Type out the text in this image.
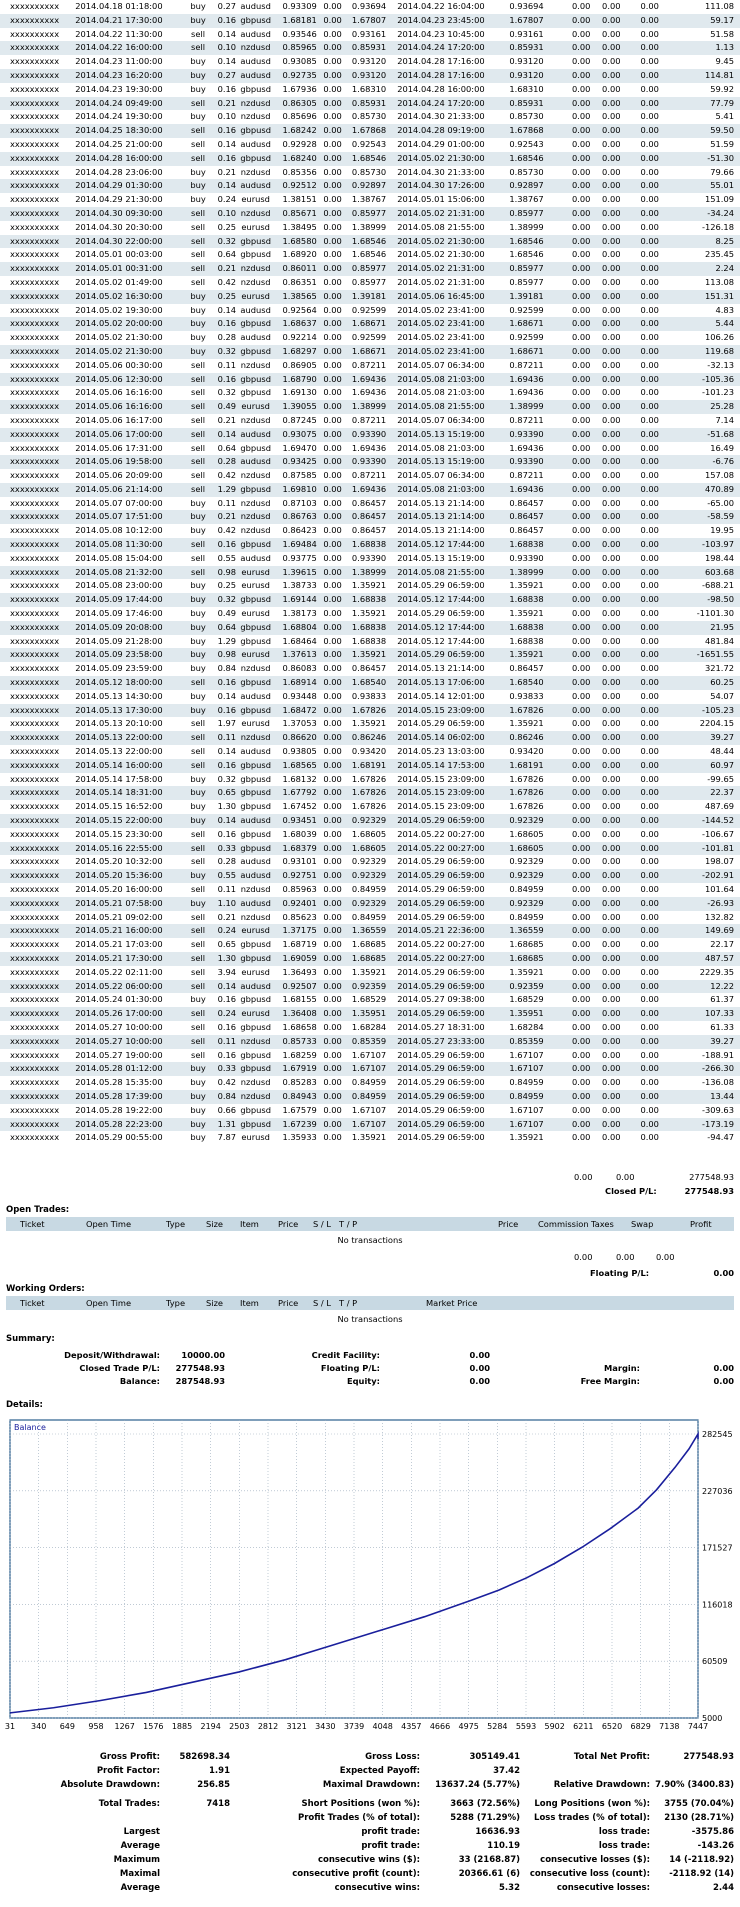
xxxxxxxxxx	2014.04.18 01:18:00	buy	0.27	audusd	0.93309	0.00	0.93694	2014.04.22 16:04:00	0.93694	0.00	0.00	0.00	111.08
xxxxxxxxxx	2014.04.21 17:30:00	buy	0.16	gbpusd	1.68181	0.00	1.67807	2014.04.23 23:45:00	1.67807	0.00	0.00	0.00	59.17
xxxxxxxxxx	2014.04.22 11:30:00	sell	0.14	audusd	0.93546	0.00	0.93161	2014.04.23 10:45:00	0.93161	0.00	0.00	0.00	51.58
xxxxxxxxxx	2014.04.22 16:00:00	sell	0.10	nzdusd	0.85965	0.00	0.85931	2014.04.24 17:20:00	0.85931	0.00	0.00	0.00	1.13
xxxxxxxxxx	2014.04.23 11:00:00	buy	0.14	audusd	0.93085	0.00	0.93120	2014.04.28 17:16:00	0.93120	0.00	0.00	0.00	9.45
xxxxxxxxxx	2014.04.23 16:20:00	buy	0.27	audusd	0.92735	0.00	0.93120	2014.04.28 17:16:00	0.93120	0.00	0.00	0.00	114.81
xxxxxxxxxx	2014.04.23 19:30:00	buy	0.16	gbpusd	1.67936	0.00	1.68310	2014.04.28 16:00:00	1.68310	0.00	0.00	0.00	59.92
xxxxxxxxxx	2014.04.24 09:49:00	sell	0.21	nzdusd	0.86305	0.00	0.85931	2014.04.24 17:20:00	0.85931	0.00	0.00	0.00	77.79
xxxxxxxxxx	2014.04.24 19:30:00	buy	0.10	nzdusd	0.85696	0.00	0.85730	2014.04.30 21:33:00	0.85730	0.00	0.00	0.00	5.41
xxxxxxxxxx	2014.04.25 18:30:00	sell	0.16	gbpusd	1.68242	0.00	1.67868	2014.04.28 09:19:00	1.67868	0.00	0.00	0.00	59.50
xxxxxxxxxx	2014.04.25 21:00:00	sell	0.14	audusd	0.92928	0.00	0.92543	2014.04.29 01:00:00	0.92543	0.00	0.00	0.00	51.59
xxxxxxxxxx	2014.04.28 16:00:00	sell	0.16	gbpusd	1.68240	0.00	1.68546	2014.05.02 21:30:00	1.68546	0.00	0.00	0.00	-51.30
xxxxxxxxxx	2014.04.28 23:06:00	buy	0.21	nzdusd	0.85356	0.00	0.85730	2014.04.30 21:33:00	0.85730	0.00	0.00	0.00	79.66
xxxxxxxxxx	2014.04.29 01:30:00	buy	0.14	audusd	0.92512	0.00	0.92897	2014.04.30 17:26:00	0.92897	0.00	0.00	0.00	55.01
xxxxxxxxxx	2014.04.29 21:30:00	buy	0.24	eurusd	1.38151	0.00	1.38767	2014.05.01 15:06:00	1.38767	0.00	0.00	0.00	151.09
xxxxxxxxxx	2014.04.30 09:30:00	sell	0.10	nzdusd	0.85671	0.00	0.85977	2014.05.02 21:31:00	0.85977	0.00	0.00	0.00	-34.24
xxxxxxxxxx	2014.04.30 20:30:00	sell	0.25	eurusd	1.38495	0.00	1.38999	2014.05.08 21:55:00	1.38999	0.00	0.00	0.00	-126.18
xxxxxxxxxx	2014.04.30 22:00:00	sell	0.32	gbpusd	1.68580	0.00	1.68546	2014.05.02 21:30:00	1.68546	0.00	0.00	0.00	8.25
xxxxxxxxxx	2014.05.01 00:03:00	sell	0.64	gbpusd	1.68920	0.00	1.68546	2014.05.02 21:30:00	1.68546	0.00	0.00	0.00	235.45
xxxxxxxxxx	2014.05.01 00:31:00	sell	0.21	nzdusd	0.86011	0.00	0.85977	2014.05.02 21:31:00	0.85977	0.00	0.00	0.00	2.24
xxxxxxxxxx	2014.05.02 01:49:00	sell	0.42	nzdusd	0.86351	0.00	0.85977	2014.05.02 21:31:00	0.85977	0.00	0.00	0.00	113.08
xxxxxxxxxx	2014.05.02 16:30:00	buy	0.25	eurusd	1.38565	0.00	1.39181	2014.05.06 16:45:00	1.39181	0.00	0.00	0.00	151.31
xxxxxxxxxx	2014.05.02 19:30:00	buy	0.14	audusd	0.92564	0.00	0.92599	2014.05.02 23:41:00	0.92599	0.00	0.00	0.00	4.83
xxxxxxxxxx	2014.05.02 20:00:00	buy	0.16	gbpusd	1.68637	0.00	1.68671	2014.05.02 23:41:00	1.68671	0.00	0.00	0.00	5.44
xxxxxxxxxx	2014.05.02 21:30:00	buy	0.28	audusd	0.92214	0.00	0.92599	2014.05.02 23:41:00	0.92599	0.00	0.00	0.00	106.26
xxxxxxxxxx	2014.05.02 21:30:00	buy	0.32	gbpusd	1.68297	0.00	1.68671	2014.05.02 23:41:00	1.68671	0.00	0.00	0.00	119.68
xxxxxxxxxx	2014.05.06 00:30:00	sell	0.11	nzdusd	0.86905	0.00	0.87211	2014.05.07 06:34:00	0.87211	0.00	0.00	0.00	-32.13
xxxxxxxxxx	2014.05.06 12:30:00	sell	0.16	gbpusd	1.68790	0.00	1.69436	2014.05.08 21:03:00	1.69436	0.00	0.00	0.00	-105.36
xxxxxxxxxx	2014.05.06 16:16:00	sell	0.32	gbpusd	1.69130	0.00	1.69436	2014.05.08 21:03:00	1.69436	0.00	0.00	0.00	-101.23
xxxxxxxxxx	2014.05.06 16:16:00	sell	0.49	eurusd	1.39055	0.00	1.38999	2014.05.08 21:55:00	1.38999	0.00	0.00	0.00	25.28
xxxxxxxxxx	2014.05.06 16:17:00	sell	0.21	nzdusd	0.87245	0.00	0.87211	2014.05.07 06:34:00	0.87211	0.00	0.00	0.00	7.14
xxxxxxxxxx	2014.05.06 17:00:00	sell	0.14	audusd	0.93075	0.00	0.93390	2014.05.13 15:19:00	0.93390	0.00	0.00	0.00	-51.68
xxxxxxxxxx	2014.05.06 17:31:00	sell	0.64	gbpusd	1.69470	0.00	1.69436	2014.05.08 21:03:00	1.69436	0.00	0.00	0.00	16.49
xxxxxxxxxx	2014.05.06 19:58:00	sell	0.28	audusd	0.93425	0.00	0.93390	2014.05.13 15:19:00	0.93390	0.00	0.00	0.00	-6.76
xxxxxxxxxx	2014.05.06 20:09:00	sell	0.42	nzdusd	0.87585	0.00	0.87211	2014.05.07 06:34:00	0.87211	0.00	0.00	0.00	157.08
xxxxxxxxxx	2014.05.06 21:14:00	sell	1.29	gbpusd	1.69810	0.00	1.69436	2014.05.08 21:03:00	1.69436	0.00	0.00	0.00	470.89
xxxxxxxxxx	2014.05.07 07:00:00	buy	0.11	nzdusd	0.87103	0.00	0.86457	2014.05.13 21:14:00	0.86457	0.00	0.00	0.00	-65.00
xxxxxxxxxx	2014.05.07 17:51:00	buy	0.21	nzdusd	0.86763	0.00	0.86457	2014.05.13 21:14:00	0.86457	0.00	0.00	0.00	-58.59
xxxxxxxxxx	2014.05.08 10:12:00	buy	0.42	nzdusd	0.86423	0.00	0.86457	2014.05.13 21:14:00	0.86457	0.00	0.00	0.00	19.95
xxxxxxxxxx	2014.05.08 11:30:00	sell	0.16	gbpusd	1.69484	0.00	1.68838	2014.05.12 17:44:00	1.68838	0.00	0.00	0.00	-103.97
xxxxxxxxxx	2014.05.08 15:04:00	sell	0.55	audusd	0.93775	0.00	0.93390	2014.05.13 15:19:00	0.93390	0.00	0.00	0.00	198.44
xxxxxxxxxx	2014.05.08 21:32:00	sell	0.98	eurusd	1.39615	0.00	1.38999	2014.05.08 21:55:00	1.38999	0.00	0.00	0.00	603.68
xxxxxxxxxx	2014.05.08 23:00:00	buy	0.25	eurusd	1.38733	0.00	1.35921	2014.05.29 06:59:00	1.35921	0.00	0.00	0.00	-688.21
xxxxxxxxxx	2014.05.09 17:44:00	buy	0.32	gbpusd	1.69144	0.00	1.68838	2014.05.12 17:44:00	1.68838	0.00	0.00	0.00	-98.50
xxxxxxxxxx	2014.05.09 17:46:00	buy	0.49	eurusd	1.38173	0.00	1.35921	2014.05.29 06:59:00	1.35921	0.00	0.00	0.00	-1101.30
xxxxxxxxxx	2014.05.09 20:08:00	buy	0.64	gbpusd	1.68804	0.00	1.68838	2014.05.12 17:44:00	1.68838	0.00	0.00	0.00	21.95
xxxxxxxxxx	2014.05.09 21:28:00	buy	1.29	gbpusd	1.68464	0.00	1.68838	2014.05.12 17:44:00	1.68838	0.00	0.00	0.00	481.84
xxxxxxxxxx	2014.05.09 23:58:00	buy	0.98	eurusd	1.37613	0.00	1.35921	2014.05.29 06:59:00	1.35921	0.00	0.00	0.00	-1651.55
xxxxxxxxxx	2014.05.09 23:59:00	buy	0.84	nzdusd	0.86083	0.00	0.86457	2014.05.13 21:14:00	0.86457	0.00	0.00	0.00	321.72
xxxxxxxxxx	2014.05.12 18:00:00	sell	0.16	gbpusd	1.68914	0.00	1.68540	2014.05.13 17:06:00	1.68540	0.00	0.00	0.00	60.25
xxxxxxxxxx	2014.05.13 14:30:00	buy	0.14	audusd	0.93448	0.00	0.93833	2014.05.14 12:01:00	0.93833	0.00	0.00	0.00	54.07
xxxxxxxxxx	2014.05.13 17:30:00	buy	0.16	gbpusd	1.68472	0.00	1.67826	2014.05.15 23:09:00	1.67826	0.00	0.00	0.00	-105.23
xxxxxxxxxx	2014.05.13 20:10:00	sell	1.97	eurusd	1.37053	0.00	1.35921	2014.05.29 06:59:00	1.35921	0.00	0.00	0.00	2204.15
xxxxxxxxxx	2014.05.13 22:00:00	sell	0.11	nzdusd	0.86620	0.00	0.86246	2014.05.14 06:02:00	0.86246	0.00	0.00	0.00	39.27
xxxxxxxxxx	2014.05.13 22:00:00	sell	0.14	audusd	0.93805	0.00	0.93420	2014.05.23 13:03:00	0.93420	0.00	0.00	0.00	48.44
xxxxxxxxxx	2014.05.14 16:00:00	sell	0.16	gbpusd	1.68565	0.00	1.68191	2014.05.14 17:53:00	1.68191	0.00	0.00	0.00	60.97
xxxxxxxxxx	2014.05.14 17:58:00	buy	0.32	gbpusd	1.68132	0.00	1.67826	2014.05.15 23:09:00	1.67826	0.00	0.00	0.00	-99.65
xxxxxxxxxx	2014.05.14 18:31:00	buy	0.65	gbpusd	1.67792	0.00	1.67826	2014.05.15 23:09:00	1.67826	0.00	0.00	0.00	22.37
xxxxxxxxxx	2014.05.15 16:52:00	buy	1.30	gbpusd	1.67452	0.00	1.67826	2014.05.15 23:09:00	1.67826	0.00	0.00	0.00	487.69
xxxxxxxxxx	2014.05.15 22:00:00	buy	0.14	audusd	0.93451	0.00	0.92329	2014.05.29 06:59:00	0.92329	0.00	0.00	0.00	-144.52
xxxxxxxxxx	2014.05.15 23:30:00	sell	0.16	gbpusd	1.68039	0.00	1.68605	2014.05.22 00:27:00	1.68605	0.00	0.00	0.00	-106.67
xxxxxxxxxx	2014.05.16 22:55:00	sell	0.33	gbpusd	1.68379	0.00	1.68605	2014.05.22 00:27:00	1.68605	0.00	0.00	0.00	-101.81
xxxxxxxxxx	2014.05.20 10:32:00	sell	0.28	audusd	0.93101	0.00	0.92329	2014.05.29 06:59:00	0.92329	0.00	0.00	0.00	198.07
xxxxxxxxxx	2014.05.20 15:36:00	buy	0.55	audusd	0.92751	0.00	0.92329	2014.05.29 06:59:00	0.92329	0.00	0.00	0.00	-202.91
xxxxxxxxxx	2014.05.20 16:00:00	sell	0.11	nzdusd	0.85963	0.00	0.84959	2014.05.29 06:59:00	0.84959	0.00	0.00	0.00	101.64
xxxxxxxxxx	2014.05.21 07:58:00	buy	1.10	audusd	0.92401	0.00	0.92329	2014.05.29 06:59:00	0.92329	0.00	0.00	0.00	-26.93
xxxxxxxxxx	2014.05.21 09:02:00	sell	0.21	nzdusd	0.85623	0.00	0.84959	2014.05.29 06:59:00	0.84959	0.00	0.00	0.00	132.82
xxxxxxxxxx	2014.05.21 16:00:00	sell	0.24	eurusd	1.37175	0.00	1.36559	2014.05.21 22:36:00	1.36559	0.00	0.00	0.00	149.69
xxxxxxxxxx	2014.05.21 17:03:00	sell	0.65	gbpusd	1.68719	0.00	1.68685	2014.05.22 00:27:00	1.68685	0.00	0.00	0.00	22.17
xxxxxxxxxx	2014.05.21 17:30:00	sell	1.30	gbpusd	1.69059	0.00	1.68685	2014.05.22 00:27:00	1.68685	0.00	0.00	0.00	487.57
xxxxxxxxxx	2014.05.22 02:11:00	sell	3.94	eurusd	1.36493	0.00	1.35921	2014.05.29 06:59:00	1.35921	0.00	0.00	0.00	2229.35
xxxxxxxxxx	2014.05.22 06:00:00	sell	0.14	audusd	0.92507	0.00	0.92359	2014.05.29 06:59:00	0.92359	0.00	0.00	0.00	12.22
xxxxxxxxxx	2014.05.24 01:30:00	buy	0.16	gbpusd	1.68155	0.00	1.68529	2014.05.27 09:38:00	1.68529	0.00	0.00	0.00	61.37
xxxxxxxxxx	2014.05.26 17:00:00	sell	0.24	eurusd	1.36408	0.00	1.35951	2014.05.29 06:59:00	1.35951	0.00	0.00	0.00	107.33
xxxxxxxxxx	2014.05.27 10:00:00	sell	0.16	gbpusd	1.68658	0.00	1.68284	2014.05.27 18:31:00	1.68284	0.00	0.00	0.00	61.33
xxxxxxxxxx	2014.05.27 10:00:00	sell	0.11	nzdusd	0.85733	0.00	0.85359	2014.05.27 23:33:00	0.85359	0.00	0.00	0.00	39.27
xxxxxxxxxx	2014.05.27 19:00:00	sell	0.16	gbpusd	1.68259	0.00	1.67107	2014.05.29 06:59:00	1.67107	0.00	0.00	0.00	-188.91
xxxxxxxxxx	2014.05.28 01:12:00	buy	0.33	gbpusd	1.67919	0.00	1.67107	2014.05.29 06:59:00	1.67107	0.00	0.00	0.00	-266.30
xxxxxxxxxx	2014.05.28 15:35:00	buy	0.42	nzdusd	0.85283	0.00	0.84959	2014.05.29 06:59:00	0.84959	0.00	0.00	0.00	-136.08
xxxxxxxxxx	2014.05.28 17:39:00	buy	0.84	nzdusd	0.84943	0.00	0.84959	2014.05.29 06:59:00	0.84959	0.00	0.00	0.00	13.44
xxxxxxxxxx	2014.05.28 19:22:00	buy	0.66	gbpusd	1.67579	0.00	1.67107	2014.05.29 06:59:00	1.67107	0.00	0.00	0.00	-309.63
xxxxxxxxxx	2014.05.28 22:23:00	buy	1.31	gbpusd	1.67239	0.00	1.67107	2014.05.29 06:59:00	1.67107	0.00	0.00	0.00	-173.19
xxxxxxxxxx	2014.05.29 00:55:00	buy	7.87	eurusd	1.35933	0.00	1.35921	2014.05.29 06:59:00	1.35921	0.00	0.00	0.00	-94.47
0.00	0.00	277548.93
Closed P/L:	277548.93
Open Trades:
Ticket	Open Time	Type	Size Item Price S / L T / P	Price Commission Taxes Swap	Profit
No transactions
0.00	0.00	0.00
Floating P/L:	0.00
Working Orders:
Ticket	Open Time	Type	Size Item Price S / L T / P	Market Price
No transactions
Summary:
Deposit/Withdrawal:	10000.00
Closed Trade P/L:	277548.93
Balance:	287548.93
Credit Facility:	0.00
Floating P/L:	0.00
Equity:	0.00
Margin:	0.00
Free Margin:	0.00
Details:
31 340 649 958 1267 1576 1885 2194 2503 2812 3121 3430 3739 4048 4357 4666 4975 5284 5593 5902 6211 6520 6829 7138 7447
282545
227036
171527
116018
60509
5000
Balance
Gross Profit:	582698.34	Gross Loss:	305149.41	Total Net Profit:	277548.93
Profit Factor:	1.91	Expected Payoff:	37.42
Absolute Drawdown:	256.85	Maximal Drawdown:	13637.24 (5.77%)	Relative Drawdown: 7.90% (3400.83)
Total Trades:	7418	Short Positions (won %):	3663 (72.56%)	Long Positions (won %):	3755 (70.04%)
Profit Trades (% of total):	5288 (71.29%)	Loss trades (% of total):	2130 (28.71%)
Largest	profit trade:	16636.93	loss trade:	-3575.86
Average	profit trade:	110.19	loss trade:	-143.26
Maximum	consecutive wins ($):	33 (2168.87)	consecutive losses ($):	14 (-2118.92)
Maximal	consecutive profit (count):	20366.61 (6)	consecutive loss (count):	-2118.92 (14)
Average	consecutive wins:	5.32	consecutive losses:	2.44
